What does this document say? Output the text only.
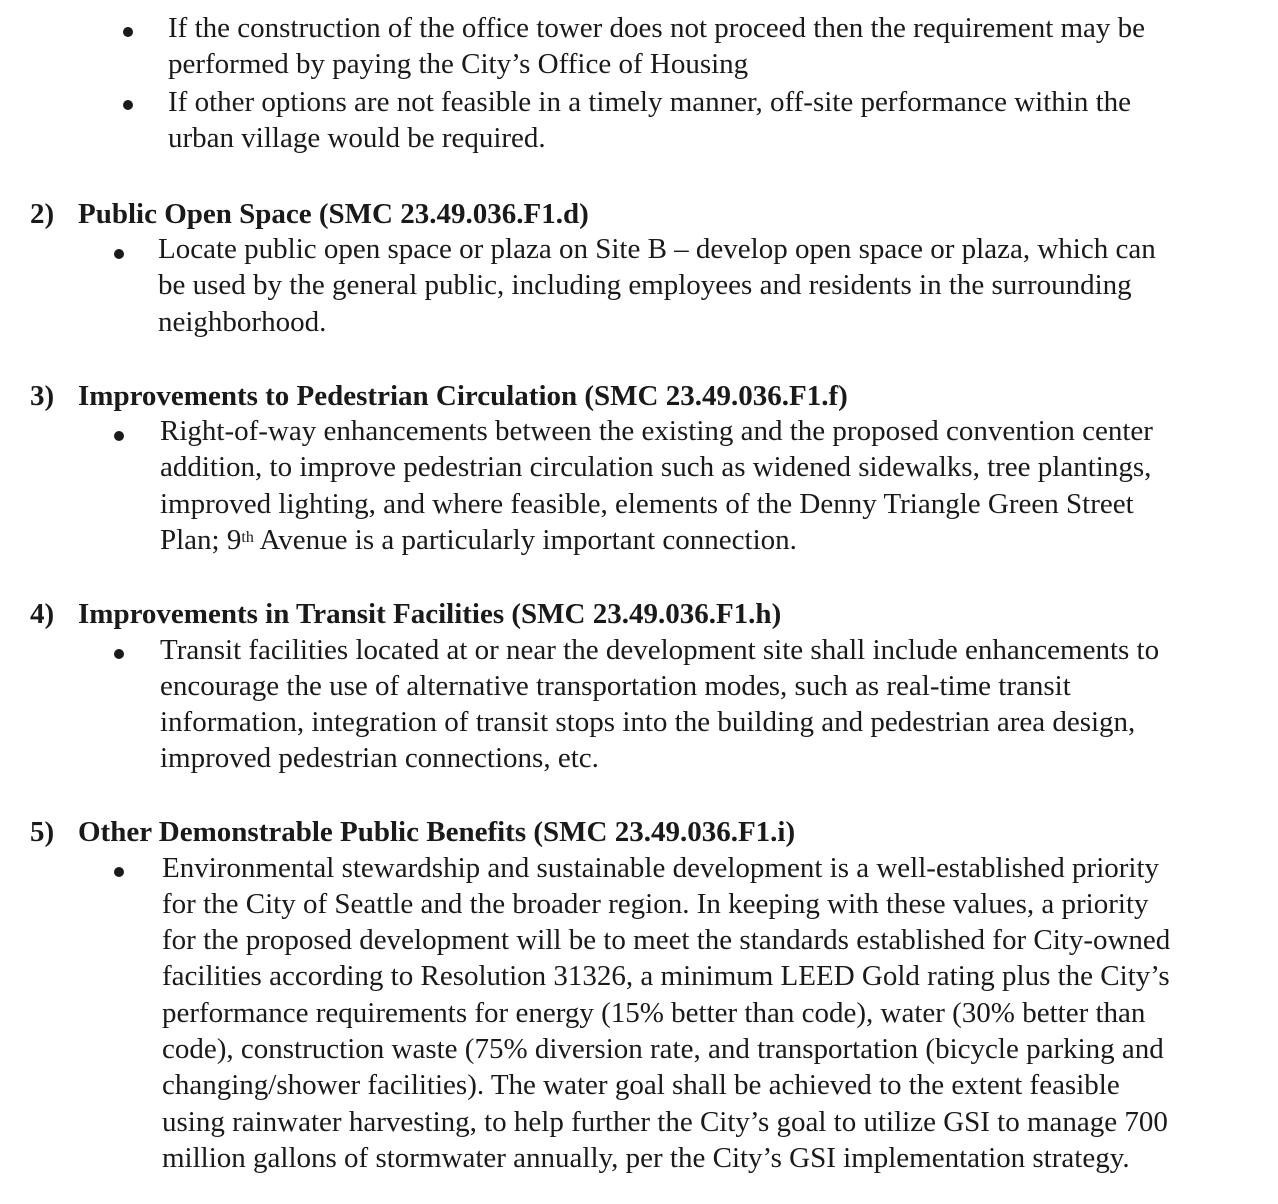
If the construction of the office tower does not proceed then the requirement may be
performed by paying the City’s Office of Housing
If other options are not feasible in a timely manner, off-site performance within the
urban village would be required.
2) Public Open Space (SMC 23.49.036.F1.d)
Locate public open space or plaza on Site B – develop open space or plaza, which can
be used by the general public, including employees and residents in the surrounding
neighborhood.
3) Improvements to Pedestrian Circulation (SMC 23.49.036.F1.f)
Right-of-way enhancements between the existing and the proposed convention center
addition, to improve pedestrian circulation such as widened sidewalks, tree plantings,
improved lighting, and where feasible, elements of the Denny Triangle Green Street
Plan; 9th Avenue is a particularly important connection.
4) Improvements in Transit Facilities (SMC 23.49.036.F1.h)
Transit facilities located at or near the development site shall include enhancements to
encourage the use of alternative transportation modes, such as real-time transit
information, integration of transit stops into the building and pedestrian area design,
improved pedestrian connections, etc.
5) Other Demonstrable Public Benefits (SMC 23.49.036.F1.i)
Environmental stewardship and sustainable development is a well-established priority
for the City of Seattle and the broader region. In keeping with these values, a priority
for the proposed development will be to meet the standards established for City-owned
facilities according to Resolution 31326, a minimum LEED Gold rating plus the City’s
performance requirements for energy (15% better than code), water (30% better than
code), construction waste (75% diversion rate, and transportation (bicycle parking and
changing/shower facilities). The water goal shall be achieved to the extent feasible
using rainwater harvesting, to help further the City’s goal to utilize GSI to manage 700
million gallons of stormwater annually, per the City’s GSI implementation strategy.
